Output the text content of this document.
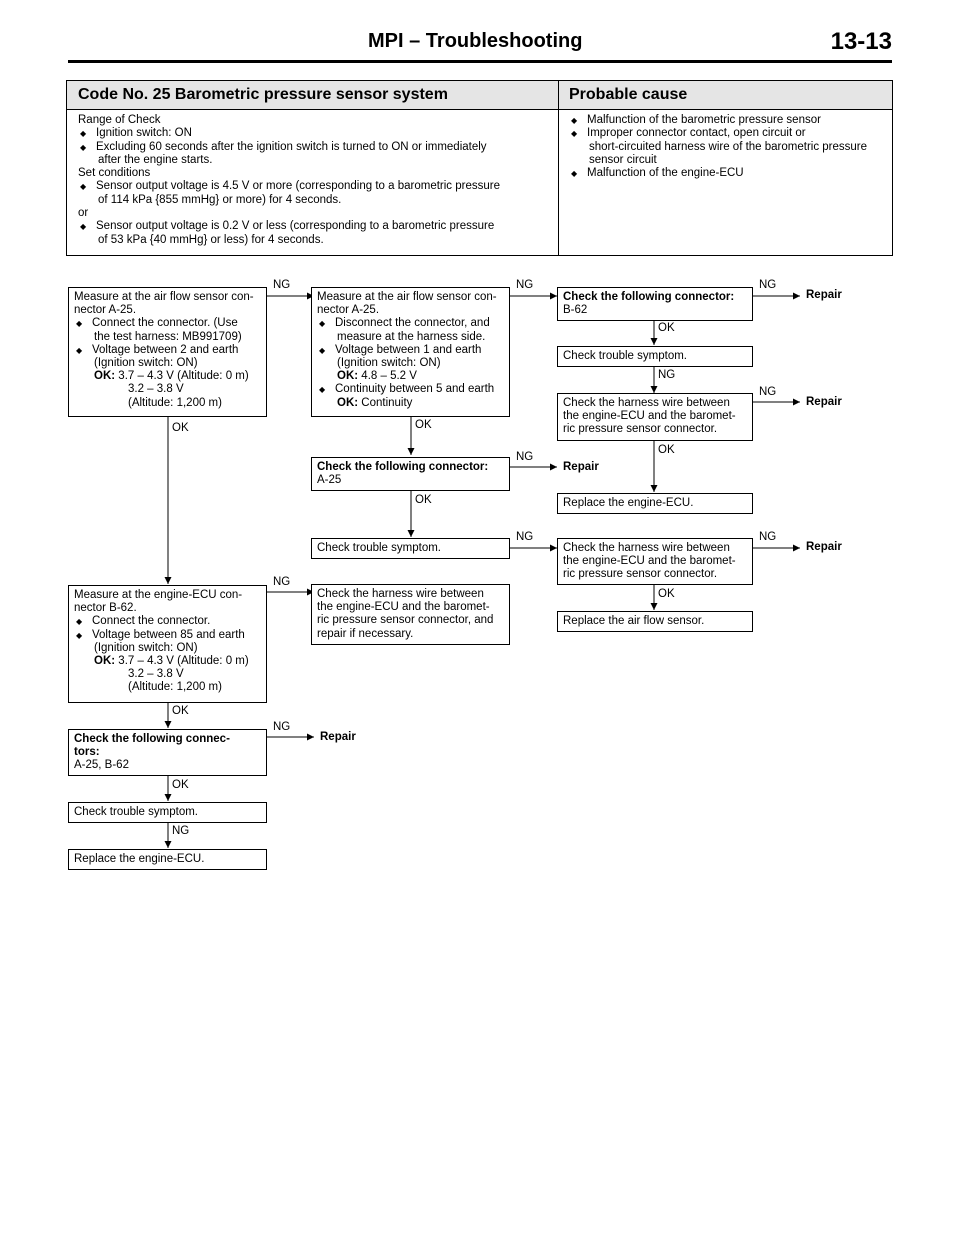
MPI – Troubleshooting	13-13
Code No. 25 Barometric pressure sensor system	Probable cause
Range of Check
◆ Ignition switch: ON
◆ Excluding 60 seconds after the ignition switch is turned to ON or immediately
after the engine starts.
Set conditions
◆ Sensor output voltage is 4.5 V or more (corresponding to a barometric pressure
of 114 kPa {855 mmHg} or more) for 4 seconds.
or
◆ Sensor output voltage is 0.2 V or less (corresponding to a barometric pressure
of 53 kPa {40 mmHg} or less) for 4 seconds.
◆ Malfunction of the barometric pressure sensor
◆ Improper connector contact, open circuit or
short-circuited harness wire of the barometric pressure
sensor circuit
◆ Malfunction of the engine-ECU
NG	NG	NG
Repair
OK
NG
NG
Repair
OK	OK
OK
NG
Repair
OK
NG	NG
Repair
NG
OK
OK
NG
Repair
OK
NG
Measure at the air flow sensor con-
nector A-25.
◆ Connect the connector. (Use
the test harness: MB991709)
◆ Voltage between 2 and earth
(Ignition switch: ON)
OK: 3.7 – 4.3 V (Altitude: 0 m)
3.2 – 3.8 V
(Altitude: 1,200 m)
Measure at the air flow sensor con-
nector A-25.
◆ Disconnect the connector, and
measure at the harness side.
◆ Voltage between 1 and earth
(Ignition switch: ON)
OK: 4.8 – 5.2 V
◆ Continuity between 5 and earth
OK: Continuity
Check the following connector:
B-62
Check trouble symptom.
Check the harness wire between
the engine-ECU and the baromet-
ric pressure sensor connector.
Replace the engine-ECU.
Check the following connector:
A-25
Check trouble symptom.	Check the harness wire between
the engine-ECU and the baromet-
ric pressure sensor connector.
Replace the air flow sensor.
Measure at the engine-ECU con-
nector B-62.
◆ Connect the connector.
◆ Voltage between 85 and earth
(Ignition switch: ON)
OK: 3.7 – 4.3 V (Altitude: 0 m)
3.2 – 3.8 V
(Altitude: 1,200 m)
Check the harness wire between
the engine-ECU and the baromet-
ric pressure sensor connector, and
repair if necessary.
Check the following connec-
tors:
A-25, B-62
Check trouble symptom.
Replace the engine-ECU.
